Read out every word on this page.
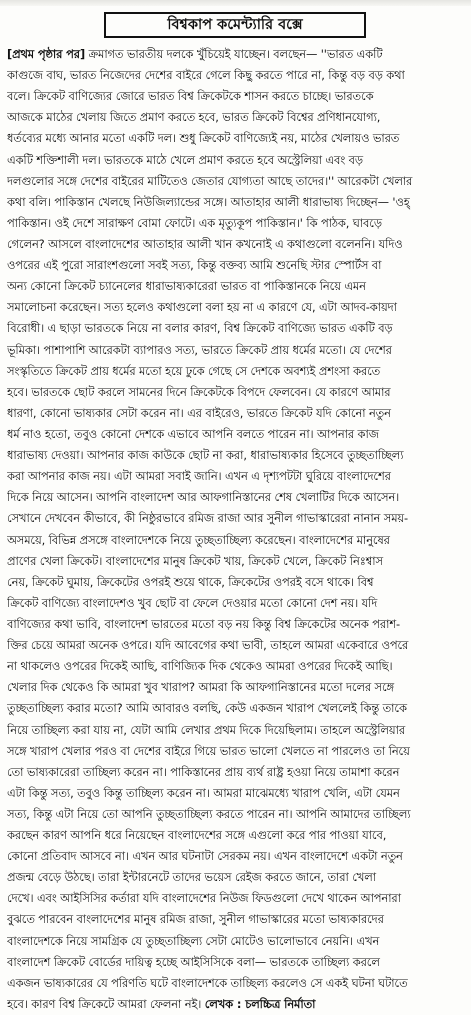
বিশ্বকাপ কমেন্ট্যারি বক্সে
[প্রথম পৃষ্ঠার পর] ক্রমাগত ভারতীয় দলকে খুঁচিয়েই যাচ্ছেন। বলছেন— ''ভারত একটি
কাগুজে বাঘ, ভারত নিজেদের দেশের বাইরে গেলে কিছু করতে পারে না, কিন্তু বড় বড় কথা
বলে। ক্রিকেট বাণিজ্যের জোরে ভারত বিশ্ব ক্রিকেটকে শাসন করতে চাচ্ছে। ভারতকে
আজকে মাঠের খেলায় জিতে প্রমাণ করতে হবে, ভারত ক্রিকেট বিশ্বের প্রণিধানযোগ্য,
ধর্তব্যের মধ্যে আনার মতো একটি দল। শুধু ক্রিকেট বাণিজ্যেই নয়, মাঠের খেলায়ও ভারত
একটি শক্তিশালী দল। ভারতকে মাঠে খেলে প্রমাণ করতে হবে অস্ট্রেলিয়া এবং বড়
দলগুলোর সঙ্গে দেশের বাইরের মাটিতেও জেতার যোগ্যতা আছে তাদের।'' আরেকটা খেলার
কথা বলি। পাকিস্তান খেলছে নিউজিল্যান্ডের সঙ্গে। আতাহার আলী ধারাভাষ্য দিচ্ছেন— 'ওহ্
পাকিস্তান। ওই দেশে সারাক্ষণ বোমা ফোটে। এক মৃত্যুকূপ পাকিস্তান।' কি পাঠক, ঘাবড়ে
গেলেন? আসলে বাংলাদেশের আতাহার আলী খান কখনোই এ কথাগুলো বলেননি। যদিও
ওপরের এই পুরো সারাংশগুলো সবই সত্য, কিন্তু বক্তব্য আমি শুনেছি স্টার স্পোর্টস বা
অন্য কোনো ক্রিকেট চ্যানেলের ধারাভাষ্যকারেরা ভারত বা পাকিস্তানকে নিয়ে এমন
সমালোচনা করেছেন। সত্য হলেও কথাগুলো বলা হয় না এ কারণে যে, এটা আদব-কায়দা
বিরোধী। এ ছাড়া ভারতকে নিয়ে না বলার কারণ, বিশ্ব ক্রিকেট বাণিজ্যে ভারত একটি বড়
ভূমিকা। পাশাপাশি আরেকটা ব্যাপারও সত্য, ভারতে ক্রিকেট প্রায় ধর্মের মতো। যে দেশের
সংস্কৃতিতে ক্রিকেট প্রায় ধর্মের মতো হয়ে ঢুকে গেছে সে দেশকে অবশ্যই প্রশংসা করতে
হবে। ভারতকে ছোট করলে সামনের দিনে ক্রিকেটকে বিপদে ফেলবেন। যে কারণে আমার
ধারণা, কোনো ভাষ্যকার সেটা করেন না। এর বাইরেও, ভারতে ক্রিকেট যদি কোনো নতুন
ধর্ম নাও হতো, তবুও কোনো দেশকে এভাবে আপনি বলতে পারেন না। আপনার কাজ
ধারাভাষ্য দেওয়া। আপনার কাজ কাউকে ছোট না করা, ধারাভাষ্যকার হিসেবে তুচ্ছতাচ্ছিল্য
করা আপনার কাজ নয়। এটা আমরা সবাই জানি। এখন এ দৃশ্যপটটা ঘুরিয়ে বাংলাদেশের
দিকে নিয়ে আসেন। আপনি বাংলাদেশ আর আফগানিস্তানের শেষ খেলাটির দিকে আসেন।
সেখানে দেখবেন কীভাবে, কী নিষ্ঠুরভাবে রমিজ রাজা আর সুনীল গাভাস্কারেরা নানান সময়-
অসময়ে, বিভিন্ন প্রসঙ্গে বাংলাদেশকে নিয়ে তুচ্ছতাচ্ছিল্য করেছেন। বাংলাদেশের মানুষের
প্রাণের খেলা ক্রিকেট। বাংলাদেশের মানুষ ক্রিকেট খায়, ক্রিকেট খেলে, ক্রিকেট নিঃশ্বাস
নেয়, ক্রিকেট ঘুমায়, ক্রিকেটের ওপরই শুয়ে থাকে, ক্রিকেটের ওপরই বসে থাকে। বিশ্ব
ক্রিকেট বাণিজ্যে বাংলাদেশও খুব ছোট বা ফেলে দেওয়ার মতো কোনো দেশ নয়। যদি
বাণিজ্যের কথা ভাবি, বাংলাদেশ ভারতের মতো বড় নয় কিন্তু বিশ্ব ক্রিকেটের অনেক পরাশ-
ক্তির চেয়ে আমরা অনেক ওপরে। যদি আবেগের কথা ভাবী, তাহলে আমরা একেবারে ওপরে
না থাকলেও ওপরের দিকেই আছি, বাণিজ্যিক দিক থেকেও আমরা ওপরের দিকেই আছি।
খেলার দিক থেকেও কি আমরা খুব খারাপ? আমরা কি আফগানিস্তানের মতো দলের সঙ্গে
তুচ্ছতাচ্ছিল্য করার মতো? আমি আবারও বলছি, কেউ একজন খারাপ খেললেই কিন্তু তাকে
নিয়ে তাচ্ছিল্য করা যায় না, যেটা আমি লেখার প্রথম দিকে দিয়েছিলাম। তাহলে অস্ট্রেলিয়ার
সঙ্গে খারাপ খেলার পরও বা দেশের বাইরে গিয়ে ভারত ভালো খেলতে না পারলেও তা নিয়ে
তো ভাষ্যকারেরা তাচ্ছিল্য করেন না। পাকিস্তানের প্রায় ব্যর্থ রাষ্ট্র হওয়া নিয়ে তামাশা করেন
এটা কিন্তু সত্য, তবুও কিন্তু তাচ্ছিল্য করেন না। আমরা মাঝেমধ্যে খারাপ খেলি, এটা যেমন
সত্য, কিন্তু এটা নিয়ে তো আপনি তুচ্ছতাচ্ছিল্য করতে পারেন না। আপনি আমাদের তাচ্ছিল্য
করছেন কারণ আপনি ধরে নিয়েছেন বাংলাদেশের সঙ্গে এগুলো করে পার পাওয়া যাবে,
কোনো প্রতিবাদ আসবে না। এখন আর ঘটনাটা সেরকম নয়। এখন বাংলাদেশে একটা নতুন
প্রজন্ম বেড়ে উঠছে। তারা ইন্টারনেটে তাদের ভয়েস রেইজ করতে জানে, তারা খেলা
দেখে। এবং আইসিসির কর্তারা যদি বাংলাদেশের নিউজ ফিডগুলো দেখে থাকেন আপনারা
বুঝতে পারবেন বাংলাদেশের মানুষ রমিজ রাজা, সুনীল গাভাস্কারের মতো ভাষ্যকারদের
বাংলাদেশকে নিয়ে সামগ্রিক যে তুচ্ছতাচ্ছিল্য সেটা মোটেও ভালোভাবে নেয়নি। এখন
বাংলাদেশ ক্রিকেট বোর্ডের দায়িত্ব হচ্ছে আইসিসিকে বলা— ভারতকে তাচ্ছিল্য করলে
একজন ভাষ্যকারের যে পরিণতি ঘটে বাংলাদেশকে তাচ্ছিল্য করলেও সে একই ঘটনা ঘটাতে
হবে। কারণ বিশ্ব ক্রিকেটে আমরা ফেলনা নই। লেখক : চলচ্চিত্র নির্মাতা
